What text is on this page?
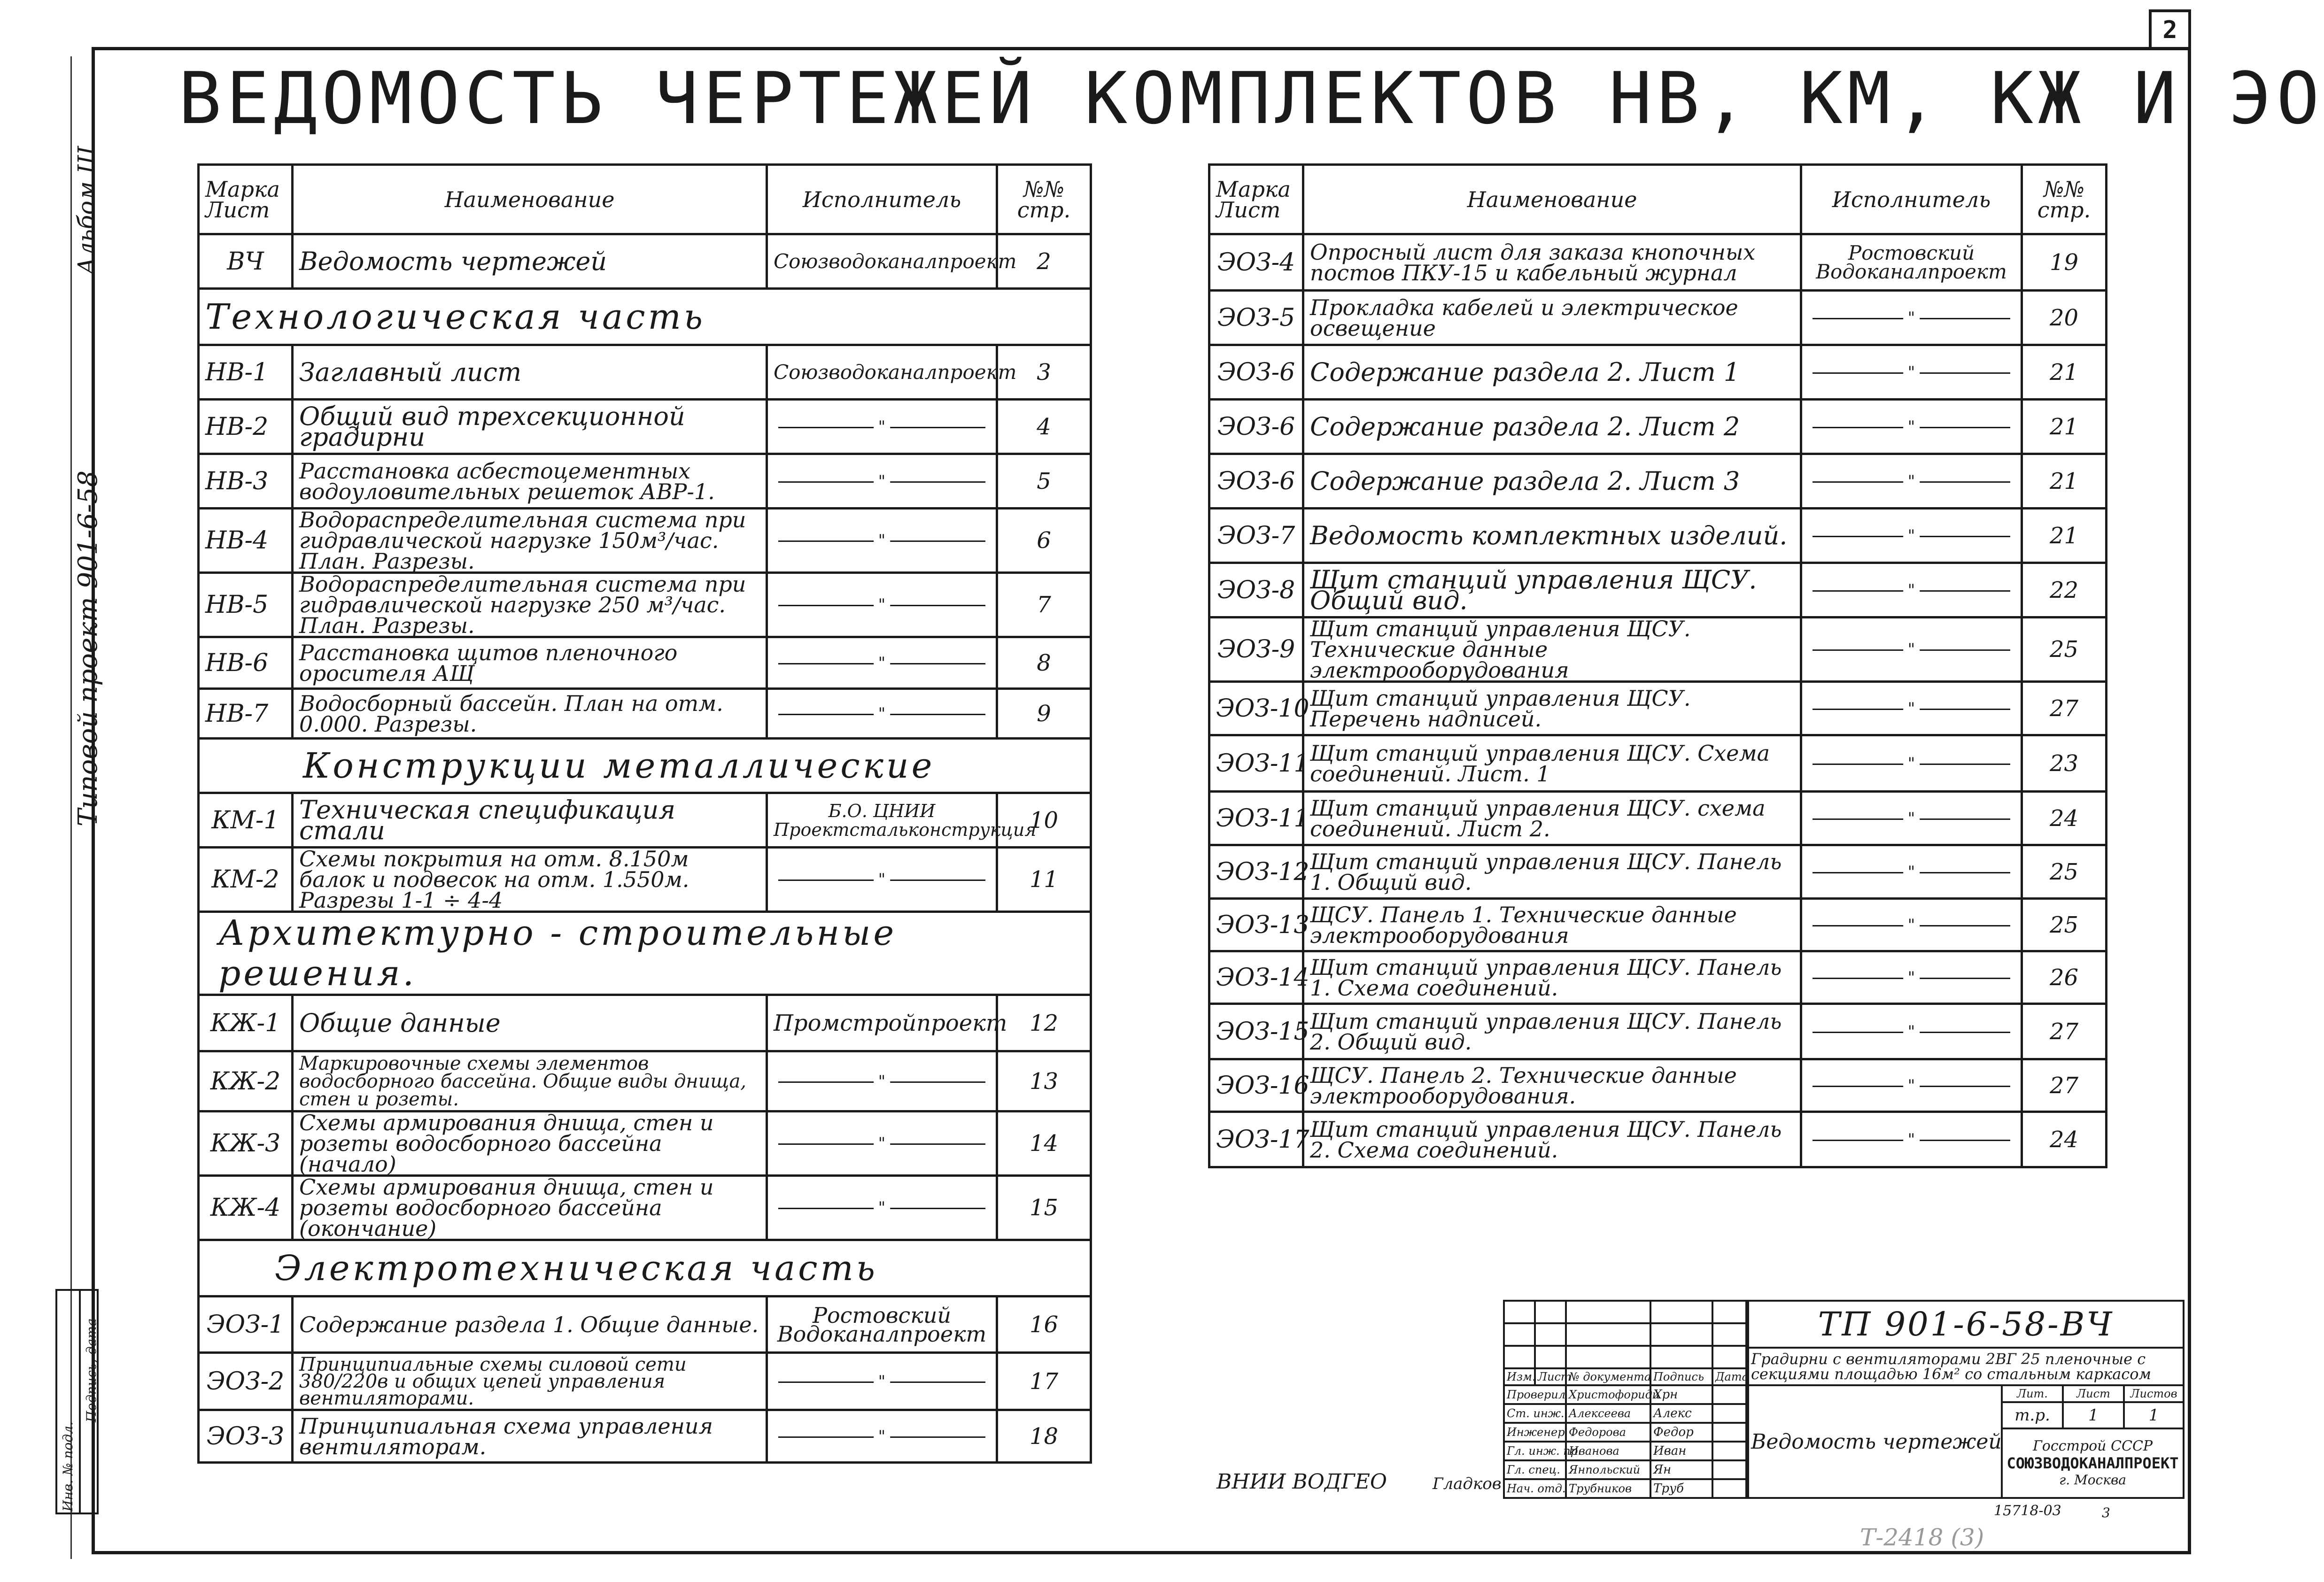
2
ВЕДОМОСТЬ ЧЕРТЕЖЕЙ КОМПЛЕКТОВ НВ, КМ, КЖ И ЭО
Альбом III
Типовой проект 901-6-58
Инв. № подл.

Подпись, дата
Марка Лист	Наименование	Исполнитель	№№ стр.
ВЧ	Ведомость чертежей	Союзводоканалпроект	2
Технологическая часть			
НВ-1	Заглавный лист	Союзводоканалпроект	3
НВ-2	Общий вид трехсекционной градирни	"	4
НВ-3	Расстановка асбестоцементных водоуловительных решеток АВР-1.	"	5
НВ-4	Водораспределительная система при гидравлической нагрузке 150м³/час. План. Разрезы.	"	6
НВ-5	Водораспределительная система при гидравлической нагрузке 250 м³/час. План. Разрезы.	"	7
НВ-6	Расстановка щитов пленочного оросителя АЩ	"	8
НВ-7	Водосборный бассейн. План на отм. 0.000. Разрезы.	"	9
Конструкции металлические			
КМ-1	Техническая спецификация стали	Б.О. ЦНИИ Проектстальконструкция	10
КМ-2	Схемы покрытия на отм. 8.150м балок и подвесок на отм. 1.550м. Разрезы 1-1 ÷ 4-4	"	11
Архитектурно - строительные решения.			
КЖ-1	Общие данные	Промстройпроект	12
КЖ-2	Маркировочные схемы элементов водосборного бассейна. Общие виды днища, стен и розеты.	"	13
КЖ-3	Схемы армирования днища, стен и розеты водосборного бассейна (начало)	"	14
КЖ-4	Схемы армирования днища, стен и розеты водосборного бассейна (окончание)	"	15
Электротехническая часть			
ЭОЗ-1	Содержание раздела 1. Общие данные.	Ростовский Водоканалпроект	16
ЭОЗ-2	Принципиальные схемы силовой сети 380/220в и общих цепей управления вентиляторами.	"	17
ЭОЗ-3	Принципиальная схема управления вентиляторам.	"	18
Марка Лист	Наименование	Исполнитель	№№ стр.
ЭОЗ-4	Опросный лист для заказа кнопочных постов ПКУ-15 и кабельный журнал	Ростовский Водоканалпроект	19
ЭОЗ-5	Прокладка кабелей и электрическое освещение	"	20
ЭОЗ-6	Содержание раздела 2. Лист 1	"	21
ЭОЗ-6	Содержание раздела 2. Лист 2	"	21
ЭОЗ-6	Содержание раздела 2. Лист 3	"	21
ЭОЗ-7	Ведомость комплектных изделий.	"	21
ЭОЗ-8	Щит станций управления ЩСУ. Общий вид.	"	22
ЭОЗ-9	Щит станций управления ЩСУ. Технические данные электрооборудования	"	25
ЭОЗ-10	Щит станций управления ЩСУ. Перечень надписей.	"	27
ЭОЗ-11	Щит станций управления ЩСУ. Схема соединений. Лист. 1	"	23
ЭОЗ-11	Щит станций управления ЩСУ. схема соединений. Лист 2.	"	24
ЭОЗ-12	Щит станций управления ЩСУ. Панель 1. Общий вид.	"	25
ЭОЗ-13	ЩСУ. Панель 1. Технические данные электрооборудования	"	25
ЭОЗ-14	Щит станций управления ЩСУ. Панель 1. Схема соединений.	"	26
ЭОЗ-15	Щит станций управления ЩСУ. Панель 2. Общий вид.	"	27
ЭОЗ-16	ЩСУ. Панель 2. Технические данные электрооборудования.	"	27
ЭОЗ-17	Щит станций управления ЩСУ. Панель 2. Схема соединений.	"	24

Изм.	Лист	№ документа	Подпись	Дата
Проверил		Христофориди	Хрн	
Ст. инж.		Алексеева	Алекс	
Инженер		Федорова	Федор	
Гл. инж. пр.		Иванова	Иван	
Гл. спец.		Янпольский	Ян	
Нач. отд.		Трубников	Труб	
ТП 901-6-58-ВЧ			
Градирни с вентиляторами 2ВГ 25 пленочные с секциями площадью 16м² со стальным каркасом			
Ведомость чертежей	Лит.	Лист	Листов
	т.р.	1	1

	Госстрой СССР
СОЮЗВОДОКАНАЛПРОЕКТ
г. Москва		
15718-03	3
ВНИИ ВОДГЕО	Гладков
Т-2418 (3)
